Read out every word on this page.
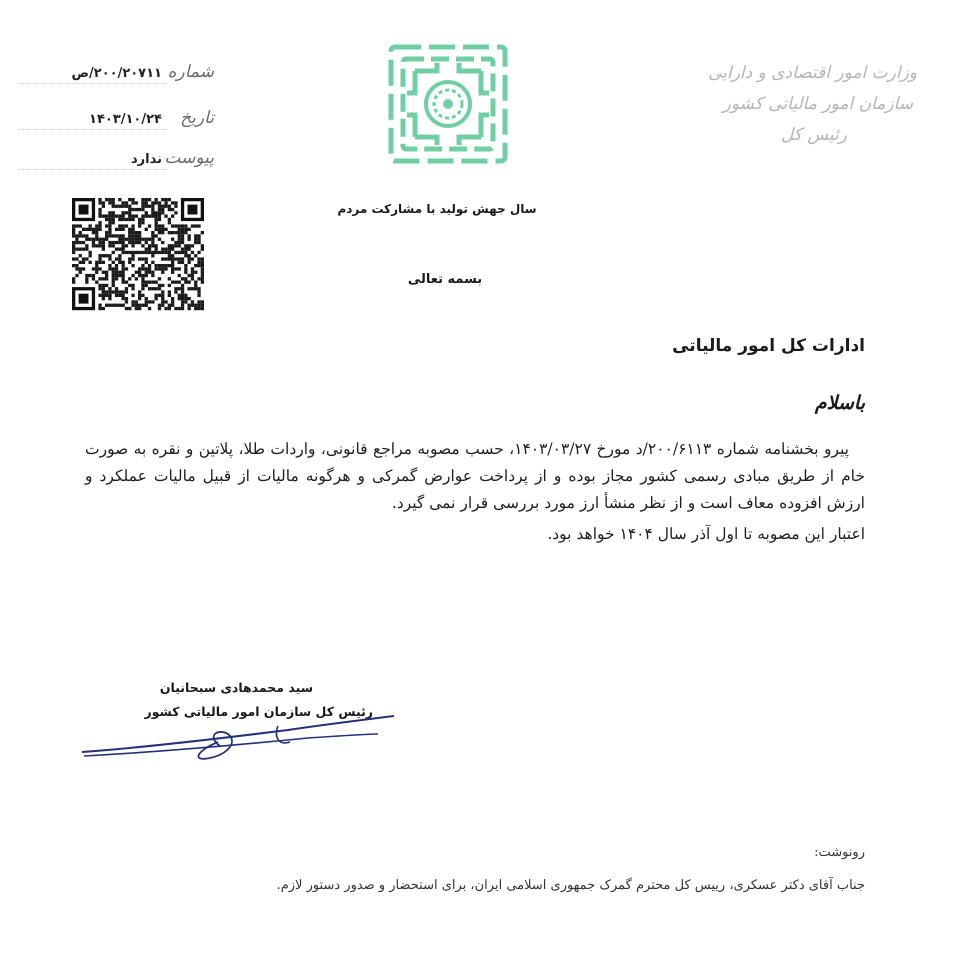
وزارت امور اقتصادی و دارایی
سازمان امور مالیاتی کشور
رئیس کل
شماره
۲۰۰/۲۰۷۱۱/ص
تاریخ
۱۴۰۳/۱۰/۲۴
پیوست
ندارد
سال جهش تولید با مشارکت مردم
بسمه تعالی
ادارات کل امور مالیاتی
باسلام

پیرو بخشنامه شماره ۲۰۰/۶۱۱۳/د مورخ ۱۴۰۳/۰۳/۲۷، حسب مصوبه مراجع قانونی، واردات طلا، پلاتین و نقره به صورت خام از طریق مبادی رسمی کشور مجاز بوده و از پرداخت عوارض گمرکی و هرگونه مالیات از قبیل مالیات عملکرد و ارزش افزوده معاف است و از نظر منشأ ارز مورد بررسی قرار نمی گیرد.

اعتبار این مصوبه تا اول آذر سال ۱۴۰۴ خواهد بود.

سید محمدهادی سبحانیان
رئیس کل سازمان امور مالیاتی کشور
رونوشت:
جناب آقای دکتر عسکری، رییس کل محترم گمرک جمهوری اسلامی ایران، برای استحضار و صدور دستور لازم.
